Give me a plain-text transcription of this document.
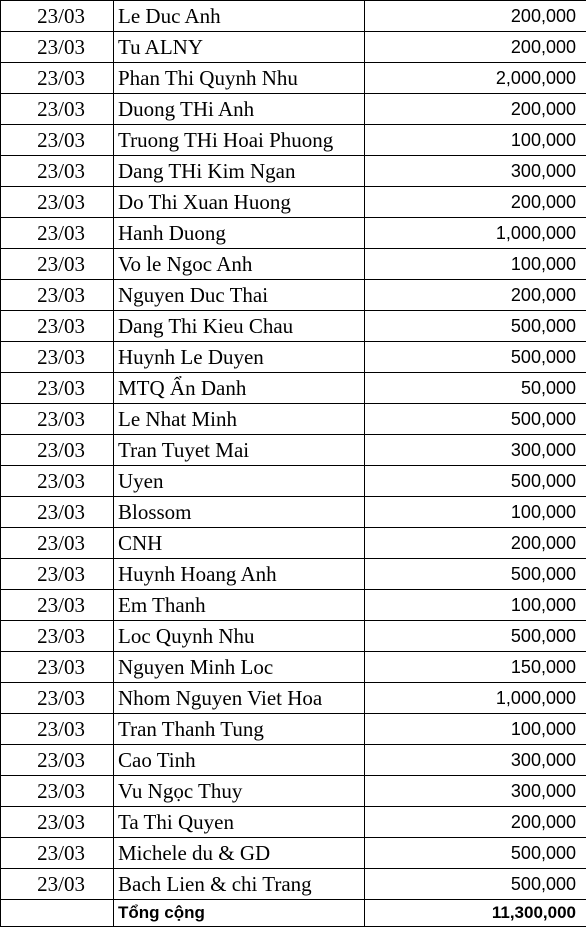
23/03	Le Duc Anh	200,000
23/03	Tu ALNY	200,000
23/03	Phan Thi Quynh Nhu	2,000,000
23/03	Duong THi Anh	200,000
23/03	Truong THi Hoai Phuong	100,000
23/03	Dang THi Kim Ngan	300,000
23/03	Do Thi Xuan Huong	200,000
23/03	Hanh Duong	1,000,000
23/03	Vo le Ngoc Anh	100,000
23/03	Nguyen Duc Thai	200,000
23/03	Dang Thi Kieu Chau	500,000
23/03	Huynh Le Duyen	500,000
23/03	MTQ Ẩn Danh	50,000
23/03	Le Nhat Minh	500,000
23/03	Tran Tuyet Mai	300,000
23/03	Uyen	500,000
23/03	Blossom	100,000
23/03	CNH	200,000
23/03	Huynh Hoang Anh	500,000
23/03	Em Thanh	100,000
23/03	Loc Quynh Nhu	500,000
23/03	Nguyen Minh Loc	150,000
23/03	Nhom Nguyen Viet Hoa	1,000,000
23/03	Tran Thanh Tung	100,000
23/03	Cao Tinh	300,000
23/03	Vu Ngọc Thuy	300,000
23/03	Ta Thi Quyen	200,000
23/03	Michele du & GD	500,000
23/03	Bach Lien & chi Trang	500,000
	Tổng cộng	11,300,000
